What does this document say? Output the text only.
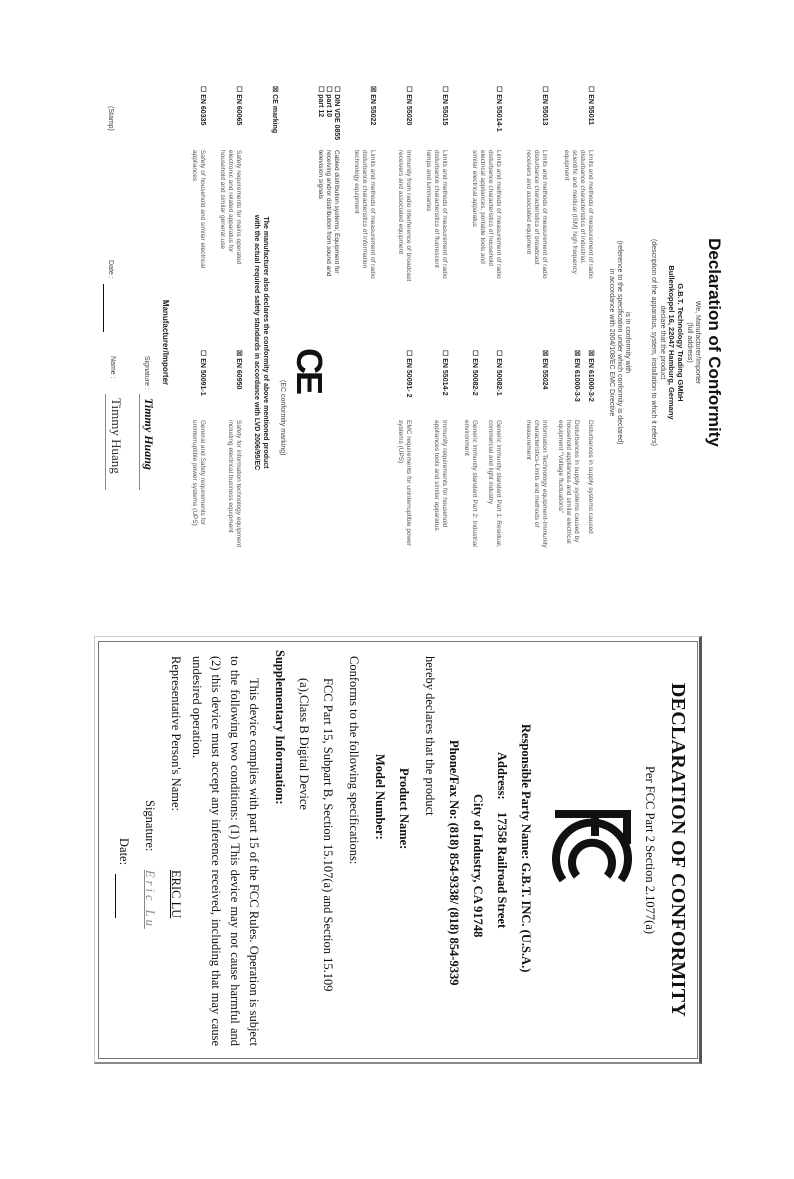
Declaration of Conformity
We, Manufacturer/Importer
(full address)
G.B.T. Technology Trading GMbH
Bullenkoppel 16, 22047 Hamburg, Germany
declare that the product
(description of the apparatus, system, installation to which it refers)
is in conformity with
(reference to the specification under which conformity is declared)
in accordance with 2004/108/EC EMC Directive
☐ EN 55011
Limits and methods of measurement of radio disturbance characteristics of industrial, scientific and medical (ISM) high frequency equipment
☐ EN 55013
Limits and methods of measurement of radio disturbance characteristics of broadcast receivers and associated equipment
☐ EN 55014-1
Limits and methods of measurement of radio disturbance characteristics of household electrical appliances, portable tools and similar electrical apparatus
☐ EN 55015
Limits and methods of measurement of radio disturbance characteristics of fluorescent lamps and luminaries
☐ EN 55020
Immunity from radio interference of broadcast receivers and associated equipment
☒ EN 55022
Limits and methods of measurement of radio disturbance characteristics of information technology equipment
☐ DIN VDE 0855
Cabled distribution systems; Equipment for receiving and/or distribution from sound and television signals
☐ part 10
☐ part 12
☒ EN 61000-3-2
Disturbances in supply systems caused
☒ EN 61000-3-3
Disturbances in supply systems caused by household appliances and similar electrical equipment "Voltage fluctuations"
☒ EN 55024
Information Technology equipment-Immunity characteristics-Limits and methods of measurement
☐ EN 50082-1
Generic immunity standard Part 1: Residual, commercial and light industry
☐ EN 50082-2
Generic immunity standard Part 2: Industrial environment
☐ EN 55014-2
Immunity requirements for household appliances tools and similar apparatus
☐ EN 50091- 2
EMC requirements for uninterruptible power systems (UPS)
CE
(EC conformity marking)
☒ CE marking
The manufacturer also declares the conformity of above mentioned product
with the actual required safety standards in accordance with LVD 2006/95/EC
☐ EN 60065
Safety requirements for mains operated electronic and related apparatus for household and similar general use
☒ EN 60950
Safety for information technology equipment including electrical business equipment
☐ EN 60335
Safety of household and similar electrical appliances
☐ EN 50091-1
General and Safety requirements for uninterruptible power systems (UPS)
Manufacturer/Importer
Signature :
Timmy Huang
Name :
Timmy Huang
(Stamp)
Date :
DECLARATION OF CONFORMITY
Per FCC Part 2 Section 2.1077(a)
Responsible Party Name: G.B.T. INC. (U.S.A.)
Address:
17358 Railroad Street
City of Industry, CA 91748
Phone/Fax No: (818) 854-9338/ (818) 854-9339
hereby declares that the product
Product Name:
Model Number:
Conforms to the following specifications:
FCC Part 15, Subpart B, Section 15.107(a) and Section 15.109
(a),Class B Digital Device
Supplementary Information:
This device complies with part 15 of the FCC Rules. Operation is subject to the following two conditions: (1) This device may not cause harmful and (2) this device must accept any inference received, including that may cause undesired operation.
Representative Person's Name:
ERIC LU
Signature:
Eric Lu
Date:
